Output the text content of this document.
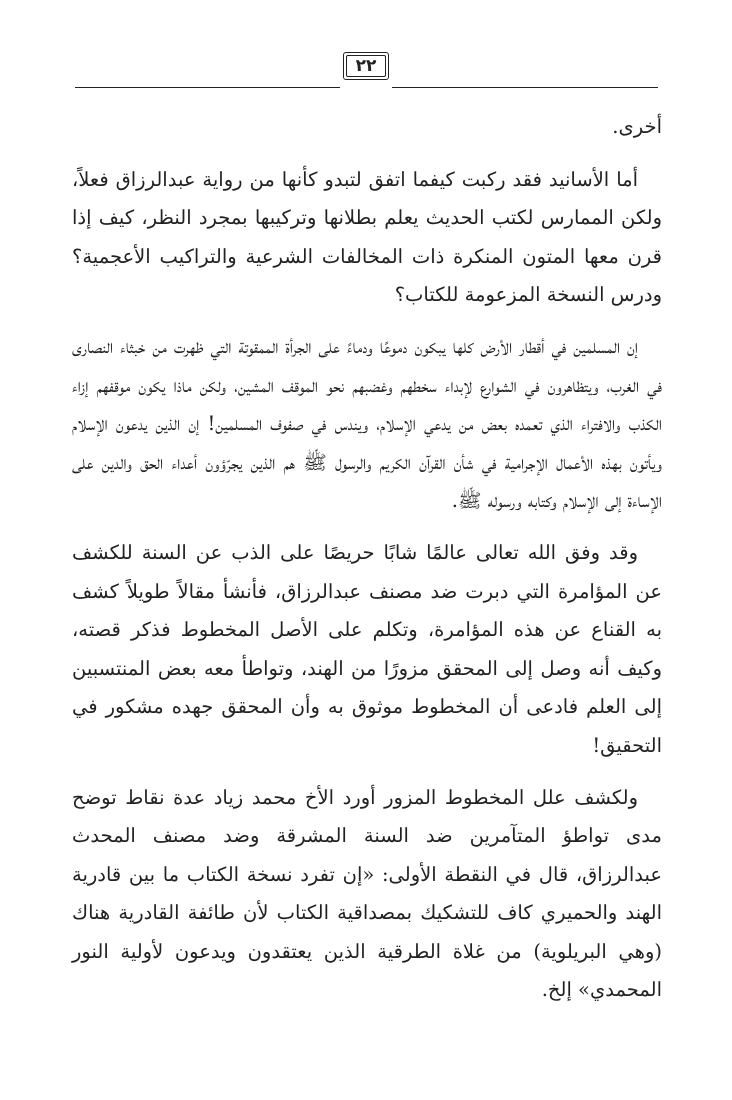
٢٢

أخرى.

أما الأسانيد فقد ركبت كيفما اتفق لتبدو كأنها من رواية عبدالرزاق فعلاً، ولكن الممارس لكتب الحديث يعلم بطلانها وتركيبها بمجرد النظر، كيف إذا قرن معها المتون المنكرة ذات المخالفات الشرعية والتراكيب الأعجمية؟ ودرس النسخة المزعومة للكتاب؟

إن المسلمين في أقطار الأرض كلها يبكون دموعًا ودماءً على الجرأة الممقوتة التي ظهرت من خبثاء النصارى في الغرب، ويتظاهرون في الشوارع لإبداء سخطهم وغضبهم نحو الموقف المشين، ولكن ماذا يكون موقفهم إزاء الكذب والافتراء الذي تعمده بعض من يدعي الإسلام، ويندس في صفوف المسلمين! إن الذين يدعون الإسلام ويأتون بهذه الأعمال الإجرامية في شأن القرآن الكريم والرسول ﷺ هم الذين يجرّؤون أعداء الحق والدين على الإساءة إلى الإسلام وكتابه ورسوله ﷺ.

وقد وفق الله تعالى عالمًا شابًا حريصًا على الذب عن السنة للكشف عن المؤامرة التي دبرت ضد مصنف عبدالرزاق، فأنشأ مقالاً طويلاً كشف به القناع عن هذه المؤامرة، وتكلم على الأصل المخطوط فذكر قصته، وكيف أنه وصل إلى المحقق مزورًا من الهند، وتواطأ معه بعض المنتسبين إلى العلم فادعى أن المخطوط موثوق به وأن المحقق جهده مشكور في التحقيق!

ولكشف علل المخطوط المزور أورد الأخ محمد زياد عدة نقاط توضح مدى تواطؤ المتآمرين ضد السنة المشرقة وضد مصنف المحدث عبدالرزاق، قال في النقطة الأولى: «إن تفرد نسخة الكتاب ما بين قادرية الهند والحميري كاف للتشكيك بمصداقية الكتاب لأن طائفة القادرية هناك (وهي البريلوية) من غلاة الطرقية الذين يعتقدون ويدعون لأولية النور المحمدي» إلخ.
